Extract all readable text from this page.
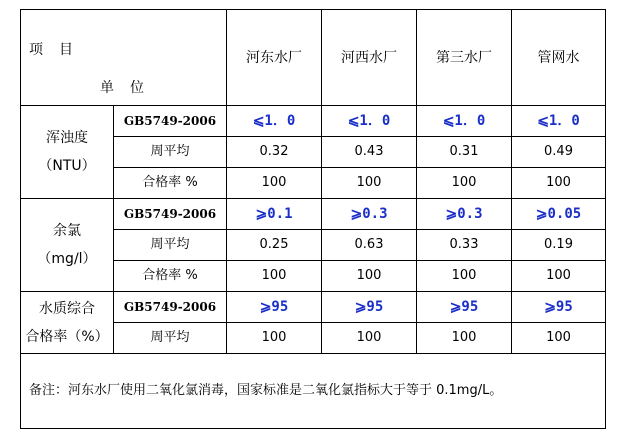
项　目
单　位		河东水厂	河西水厂	第三水厂	管网水

浑浊度
（NTU）	GB5749-2006	⩽1．0	⩽1．0	⩽1．0	⩽1．0
	周平均	0.32	0.43	0.31	0.49
	合格率 %	100	100	100	100

余氯
（mg/l）	GB5749-2006	⩾0.1	⩾0.3	⩾0.3	⩾0.05
	周平均	0.25	0.63	0.33	0.19
	合格率 %	100	100	100	100

水质综合
合格率（%）	GB5749-2006	⩾95	⩾95	⩾95	⩾95
	周平均	100	100	100	100
备注：河东水厂使用二氧化氯消毒，国家标准是二氧化氯指标大于等于 0.1mg/L。					
